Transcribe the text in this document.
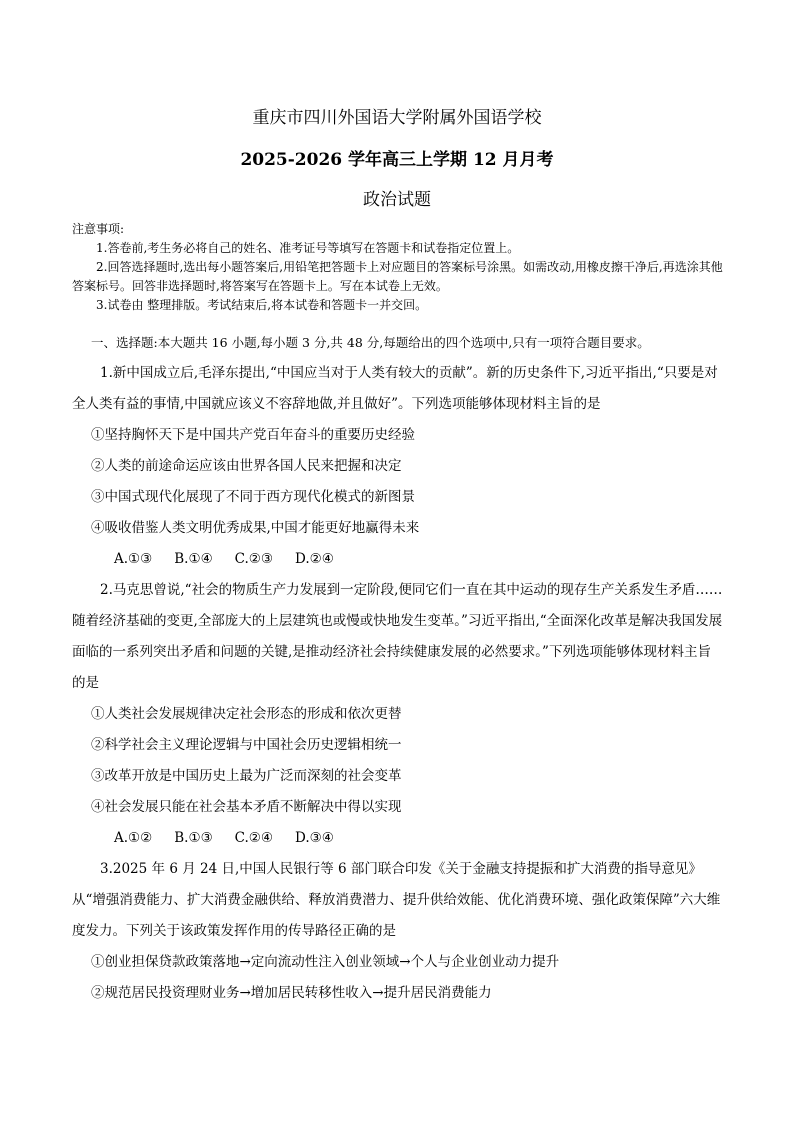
重庆市四川外国语大学附属外国语学校
2025-2026 学年高三上学期 12 月月考
政治试题

注意事项:

1.答卷前,考生务必将自己的姓名、准考证号等填写在答题卡和试卷指定位置上。

2.回答选择题时,选出每小题答案后,用铅笔把答题卡上对应题目的答案标号涂黑。如需改动,用橡皮擦干净后,再选涂其他答案标号。回答非选择题时,将答案写在答题卡上。写在本试卷上无效。

3.试卷由 整理排版。考试结束后,将本试卷和答题卡一并交回。

一、选择题:本大题共 16 小题,每小题 3 分,共 48 分,每题给出的四个选项中,只有一项符合题目要求。

1.新中国成立后,毛泽东提出,“中国应当对于人类有较大的贡献”。新的历史条件下,习近平指出,“只要是对全人类有益的事情,中国就应该义不容辞地做,并且做好”。下列选项能够体现材料主旨的是

①坚持胸怀天下是中国共产党百年奋斗的重要历史经验

②人类的前途命运应该由世界各国人民来把握和决定

③中国式现代化展现了不同于西方现代化模式的新图景

④吸收借鉴人类文明优秀成果,中国才能更好地赢得未来

A.①③ B.①④ C.②③ D.②④

2.马克思曾说,“社会的物质生产力发展到一定阶段,便同它们一直在其中运动的现存生产关系发生矛盾……随着经济基础的变更,全部庞大的上层建筑也或慢或快地发生变革。”习近平指出,“全面深化改革是解决我国发展面临的一系列突出矛盾和问题的关键,是推动经济社会持续健康发展的必然要求。”下列选项能够体现材料主旨的是

①人类社会发展规律决定社会形态的形成和依次更替

②科学社会主义理论逻辑与中国社会历史逻辑相统一

③改革开放是中国历史上最为广泛而深刻的社会变革

④社会发展只能在社会基本矛盾不断解决中得以实现

A.①② B.①③ C.②④ D.③④

3.2025 年 6 月 24 日,中国人民银行等 6 部门联合印发《关于金融支持提振和扩大消费的指导意见》从“增强消费能力、扩大消费金融供给、释放消费潜力、提升供给效能、优化消费环境、强化政策保障”六大维度发力。下列关于该政策发挥作用的传导路径正确的是

①创业担保贷款政策落地→定向流动性注入创业领域→个人与企业创业动力提升

②规范居民投资理财业务→增加居民转移性收入→提升居民消费能力
